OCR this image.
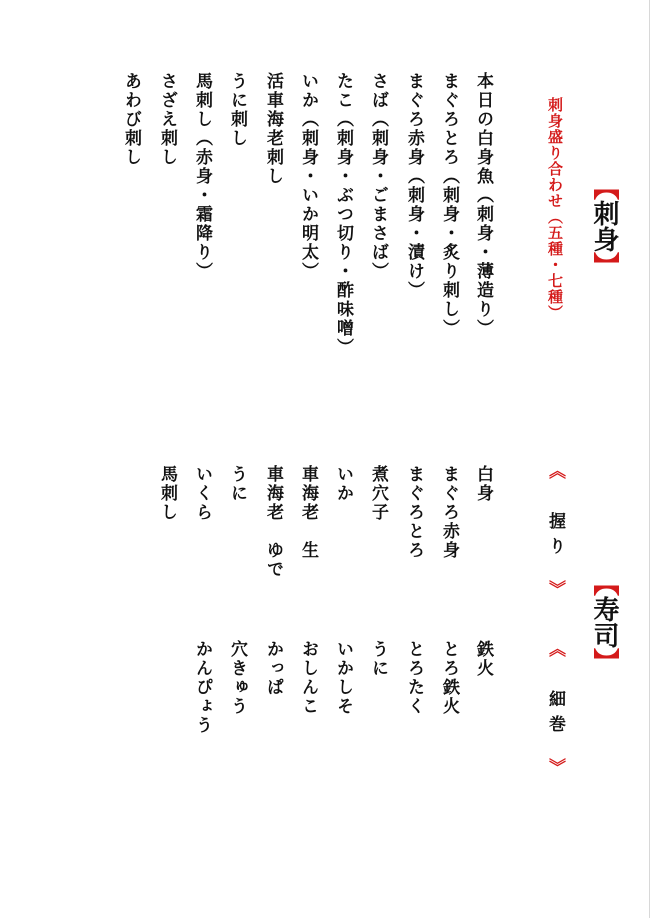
【刺身】
刺身盛り合わせ（五種・七種）
本日の白身魚（刺身・薄造り）
まぐろとろ（刺身・炙り刺し）
まぐろ赤身（刺身・漬け）
さば（刺身・ごまさば）
たこ（刺身・ぶつ切り・酢味噌）
いか（刺身・いか明太）
活車海老刺し
うに刺し
馬刺し（赤身・霜降り）
さざえ刺し
あわび刺し
【寿司】
《
握り
》
《
細巻
》
白身
まぐろ赤身
まぐろとろ
煮穴子
いか
車海老　生
車海老　ゆで
うに
いくら
馬刺し
鉄火
とろ鉄火
とろたく
うに
いかしそ
おしんこ
かっぱ
穴きゅう
かんぴょう
